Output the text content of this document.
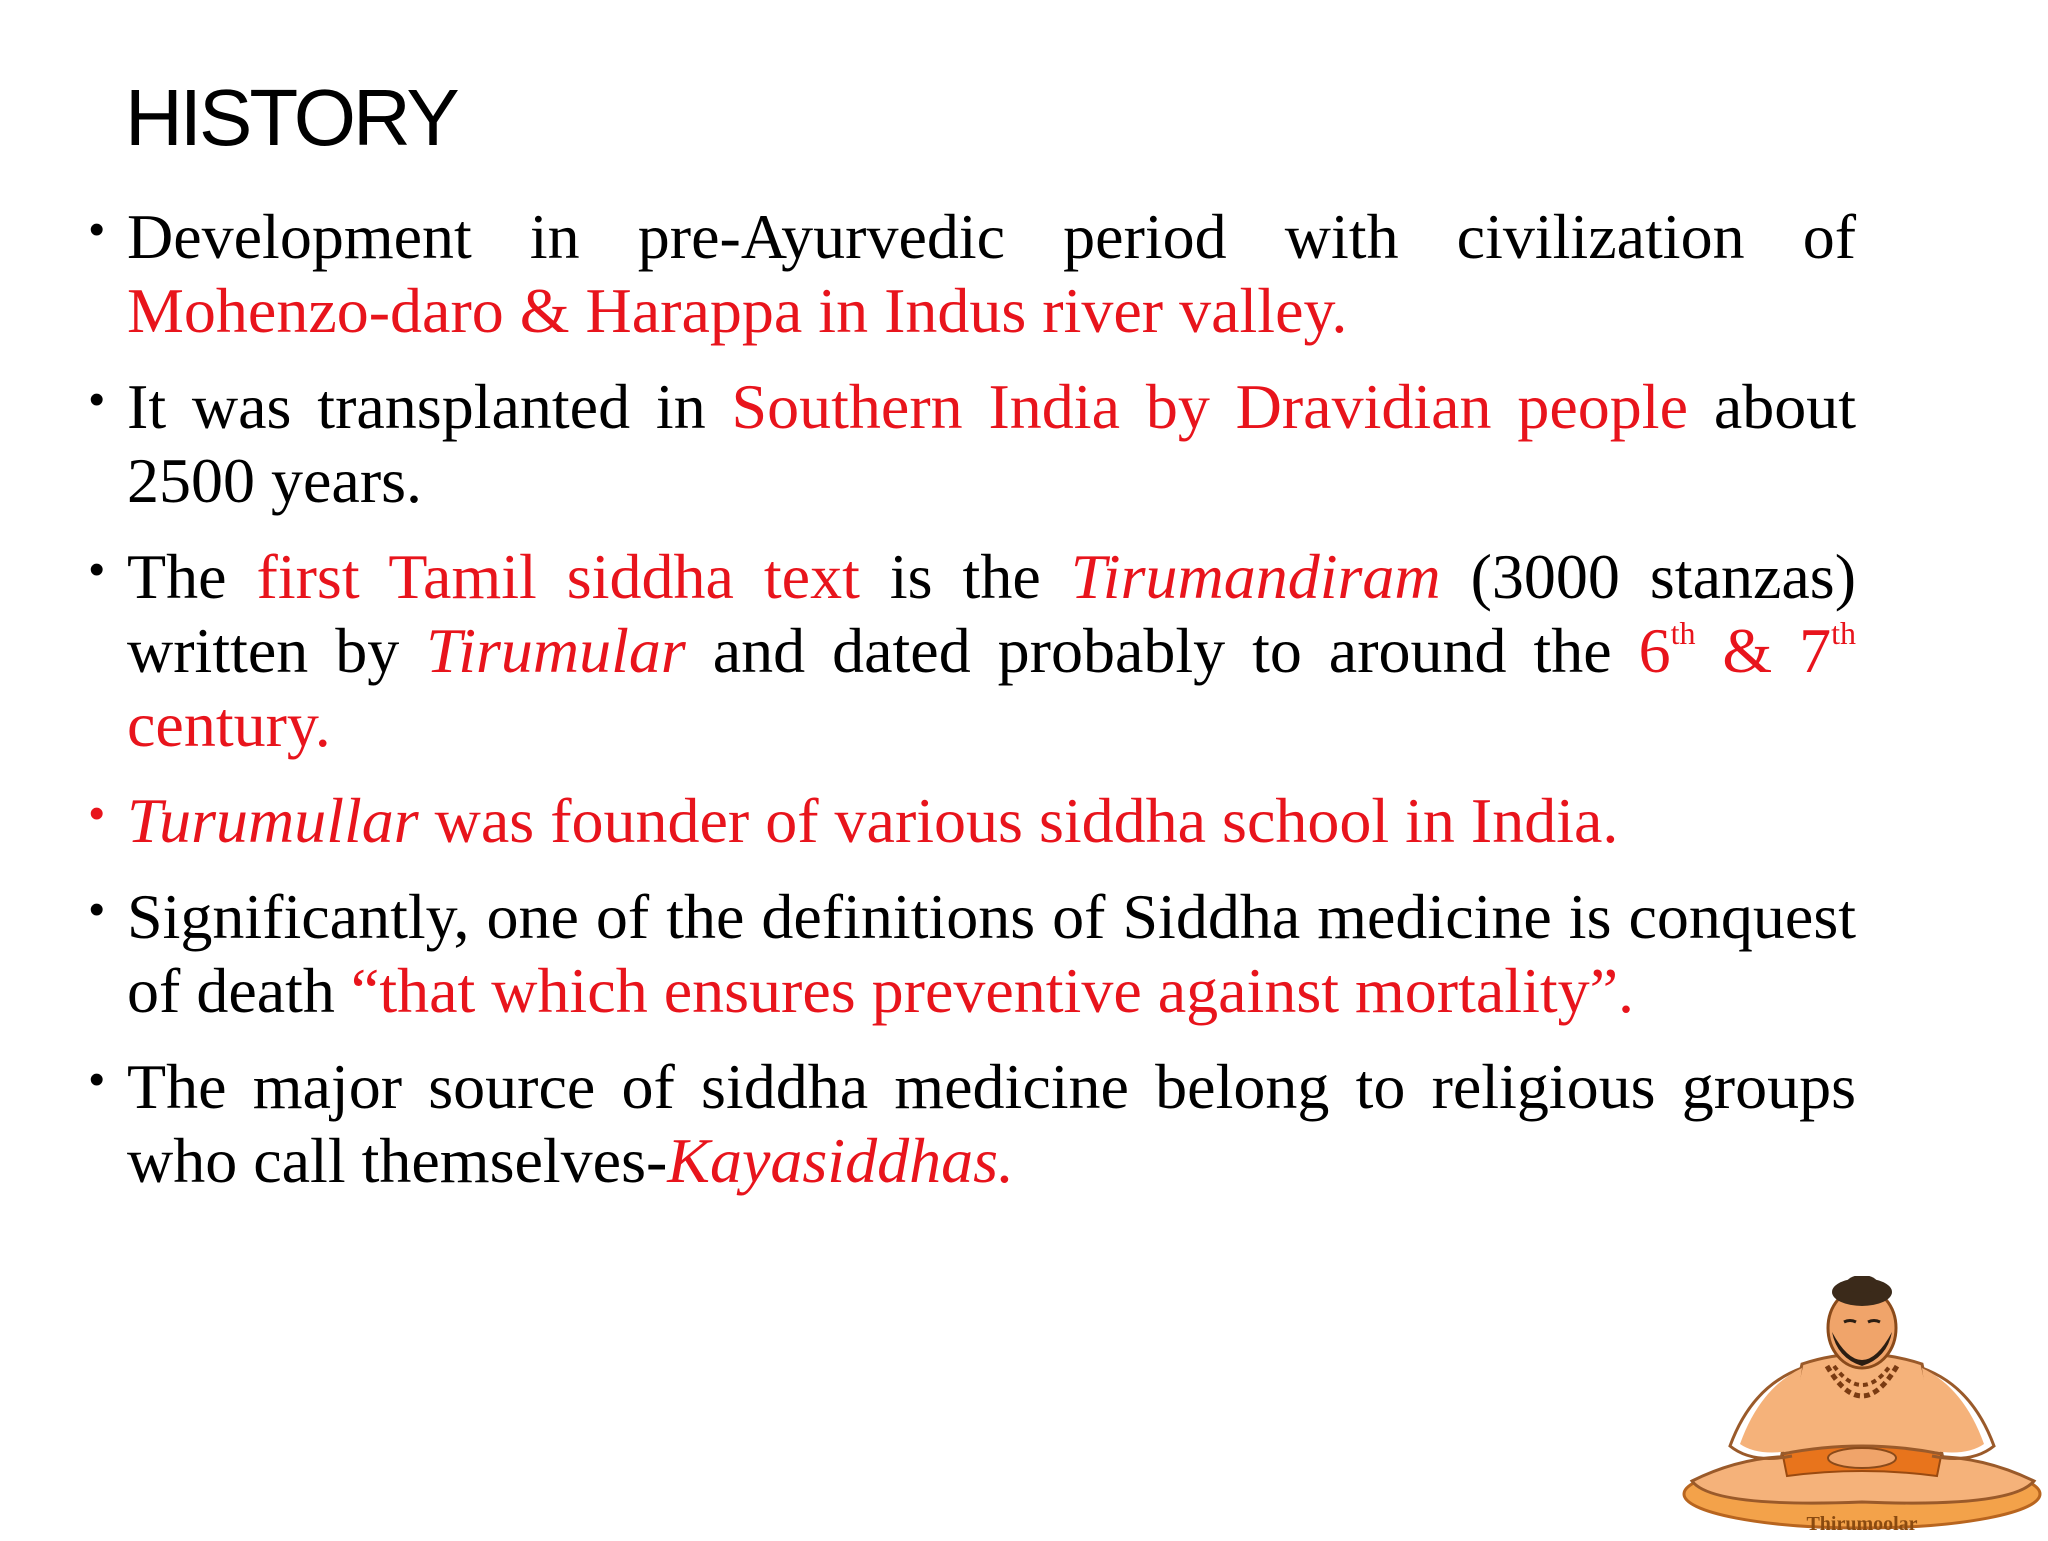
HISTORY
• Development in pre-Ayurvedic period with civilization of Mohenzo-daro & Harappa in Indus river valley.
• It was transplanted in Southern India by Dravidian people about 2500 years.
• The first Tamil siddha text is the Tirumandiram (3000 stanzas) written by Tirumular and dated probably to around the 6th & 7th century.
• Turumullar was founder of various siddha school in India.
• Significantly, one of the definitions of Siddha medicine is conquest of death “that which ensures preventive against mortality”.
• The major source of siddha medicine belong to religious groups who call themselves-Kayasiddhas.
Thirumoolar
